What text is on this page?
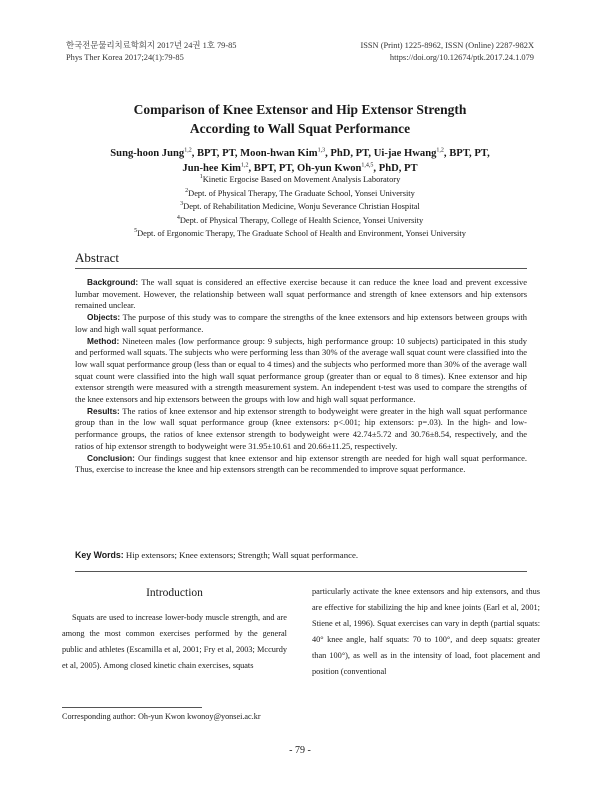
한국전문물리치료학회지 2017년 24권 1호 79-85
Phys Ther Korea 2017;24(1):79-85
ISSN (Print) 1225-8962, ISSN (Online) 2287-982X
https://doi.org/10.12674/ptk.2017.24.1.079
Comparison of Knee Extensor and Hip Extensor Strength
According to Wall Squat Performance
Sung-hoon Jung$^{1,2}$, BPT, PT, Moon-hwan Kim$^{1,3}$, PhD, PT, Ui-jae Hwang$^{1,2}$, BPT, PT,
Jun-hee Kim$^{1,2}$, BPT, PT, Oh-yun Kwon$^{1,4,5}$, PhD, PT
$^1$Kinetic Ergocise Based on Movement Analysis Laboratory
$^2$Dept. of Physical Therapy, The Graduate School, Yonsei University
$^3$Dept. of Rehabilitation Medicine, Wonju Severance Christian Hospital
$^4$Dept. of Physical Therapy, College of Health Science, Yonsei University
$^5$Dept. of Ergonomic Therapy, The Graduate School of Health and Environment, Yonsei University
Abstract

Background: The wall squat is considered an effective exercise because it can reduce the knee load and prevent excessive lumbar movement. However, the relationship between wall squat performance and strength of knee extensors and hip extensors remained unclear.

Objects: The purpose of this study was to compare the strengths of the knee extensors and hip extensors between groups with low and high wall squat performance.

Method: Nineteen males (low performance group: 9 subjects, high performance group: 10 subjects) participated in this study and performed wall squats. The subjects who were performing less than 30% of the average wall squat count were classified into the low wall squat performance group (less than or equal to 4 times) and the subjects who performed more than 30% of the average wall squat count were classified into the high wall squat performance group (greater than or equal to 8 times). Knee extensor and hip extensor strength were measured with a strength measurement system. An independent t-test was used to compare the strengths of the knee extensors and hip extensors between the groups with low and high wall squat performance.

Results: The ratios of knee extensor and hip extensor strength to bodyweight were greater in the high wall squat performance group than in the low wall squat performance group (knee extensors: p<.001; hip extensors: p=.03). In the high- and low-performance groups, the ratios of knee extensor strength to bodyweight were 42.74±5.72 and 30.76±8.54, respectively, and the ratios of hip extensor strength to bodyweight were 31.95±10.61 and 20.66±11.25, respectively.

Conclusion: Our findings suggest that knee extensor and hip extensor strength are needed for high wall squat performance. Thus, exercise to increase the knee and hip extensors strength can be recommended to improve squat performance.

Key Words: Hip extensors; Knee extensors; Strength; Wall squat performance.
Introduction

Squats are used to increase lower-body muscle strength, and are among the most common exercises performed by the general public and athletes (Escamilla et al, 2001; Fry et al, 2003; Mccurdy et al, 2005). Among closed kinetic chain exercises, squats

particularly activate the knee extensors and hip extensors, and thus are effective for stabilizing the hip and knee joints (Earl et al, 2001; Stiene et al, 1996). Squat exercises can vary in depth (partial squats: 40° knee angle, half squats: 70 to 100°, and deep squats: greater than 100°), as well as in the intensity of load, foot placement and position (conventional

Corresponding author: Oh-yun Kwon kwonoy@yonsei.ac.kr
- 79 -
